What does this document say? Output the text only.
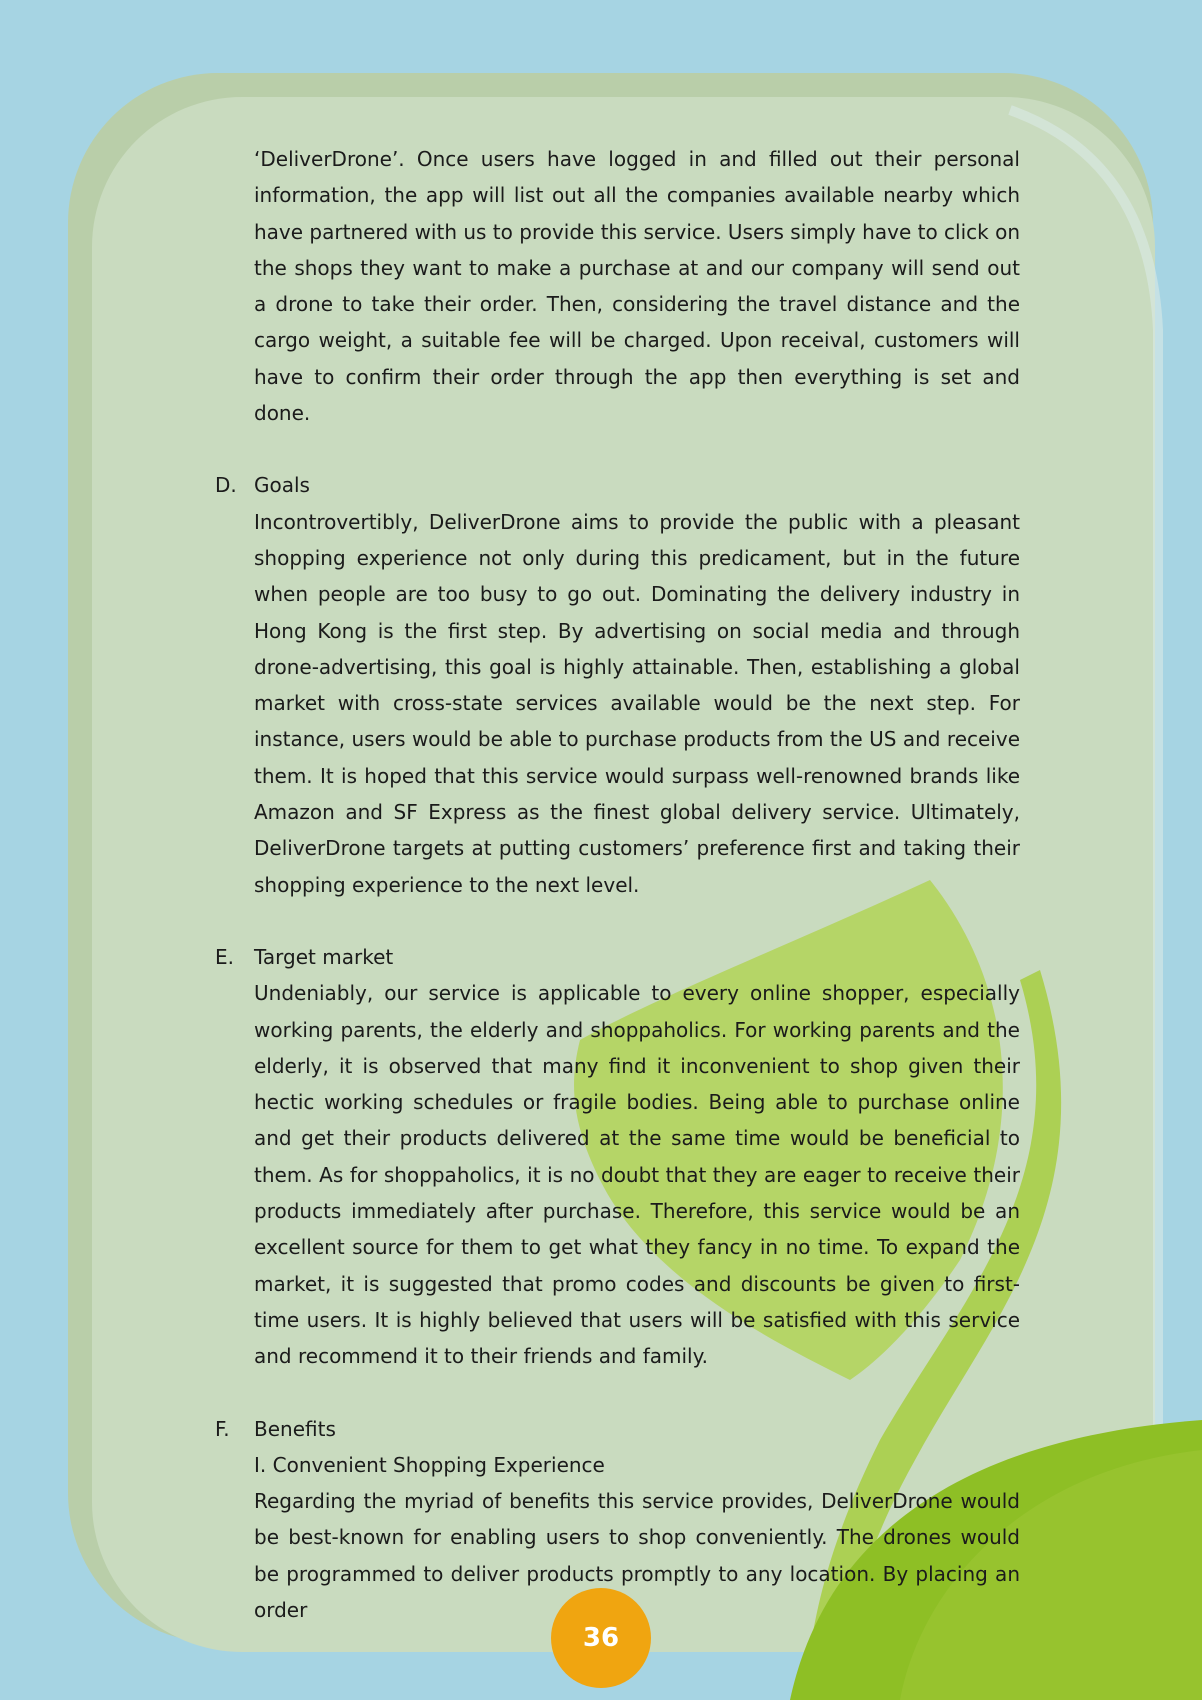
‘DeliverDrone’. Once users have logged in and filled out their personal information, the app will list out all the companies available nearby which have partnered with us to provide this service. Users simply have to click on the shops they want to make a purchase at and our company will send out a drone to take their order. Then, considering the travel distance and the cargo weight, a suitable fee will be charged. Upon receival, customers will have to confirm their order through the app then everything is set and done.

D. Goals

Incontrovertibly, DeliverDrone aims to provide the public with a pleasant shopping experience not only during this predicament, but in the future when people are too busy to go out. Dominating the delivery industry in Hong Kong is the first step. By advertising on social media and through drone-advertising, this goal is highly attainable. Then, establishing a global market with cross-state services available would be the next step. For instance, users would be able to purchase products from the US and receive them. It is hoped that this service would surpass well-renowned brands like Amazon and SF Express as the finest global delivery service. Ultimately, DeliverDrone targets at putting customers’ preference first and taking their shopping experience to the next level.

E.	Target market

Undeniably, our service is applicable to every online shopper, especially working parents, the elderly and shoppaholics. For working parents and the elderly, it is observed that many find it inconvenient to shop given their hectic working schedules or fragile bodies. Being able to purchase online and get their products delivered at the same time would be beneficial to them. As for shoppaholics, it is no doubt that they are eager to receive their products immediately after purchase. Therefore, this service would be an excellent source for them to get what they fancy in no time. To expand the market, it is suggested that promo codes and discounts be given to first-time users. It is highly believed that users will be satisfied with this service and recommend it to their friends and family.

F.	Benefits
I. Convenient Shopping Experience

Regarding the myriad of benefits this service provides, DeliverDrone would be best-known for enabling users to shop conveniently. The drones would be programmed to deliver products promptly to any location. By placing an order

36
